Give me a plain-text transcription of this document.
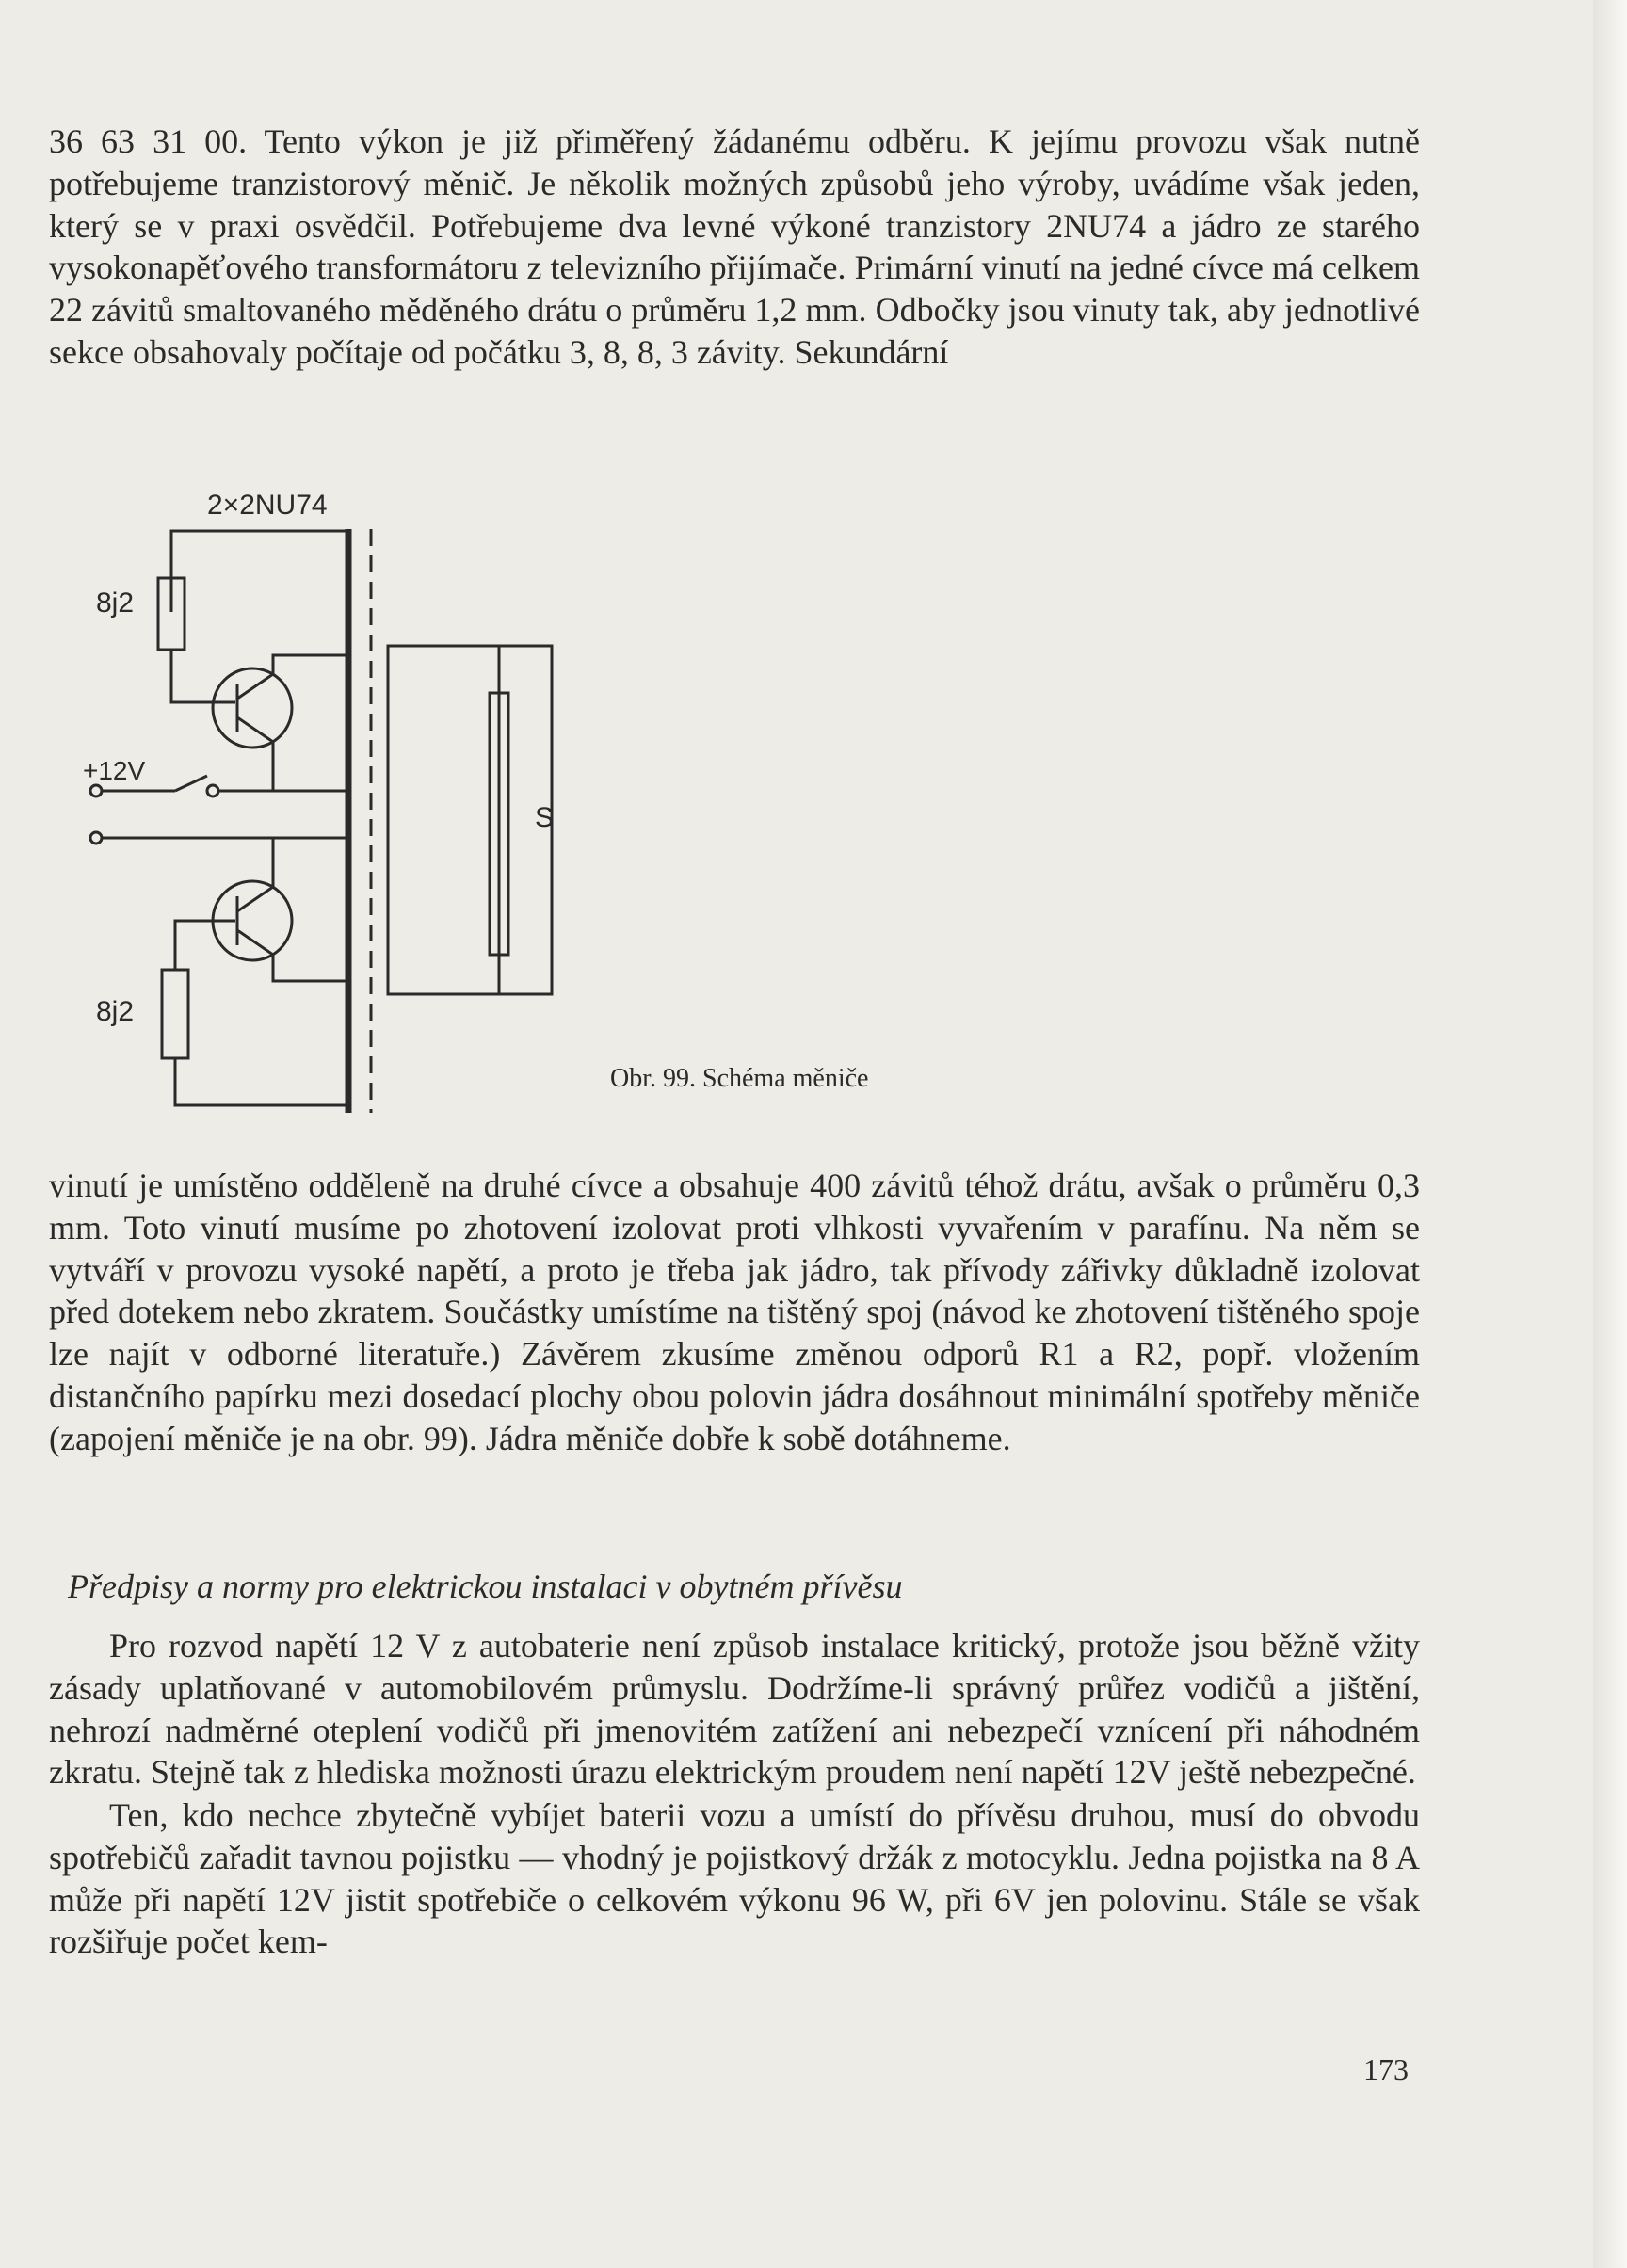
36 63 31 00. Tento výkon je již přiměřený žádanému odběru. K jejímu provozu však nutně potřebujeme tranzistorový měnič. Je několik možných způsobů jeho výroby, uvádíme však jeden, který se v praxi osvědčil. Potřebujeme dva levné výkoné tranzistory 2NU74 a jádro ze starého vysokonapěťového transformátoru z televizního přijímače. Primární vinutí na jedné cívce má celkem 22 závitů smaltovaného měděného drátu o průměru 1,2 mm. Odbočky jsou vinuty tak, aby jednotlivé sekce obsahovaly počítaje od počátku 3, 8, 8, 3 závity. Sekundární

2×2NU74
8j2
8j2
+12V
S

Obr. 99. Schéma měniče

vinutí je umístěno odděleně na druhé cívce a obsahuje 400 závitů téhož drátu, avšak o průměru 0,3 mm. Toto vinutí musíme po zhotovení izolovat proti vlhkosti vyvařením v parafínu. Na něm se vytváří v provozu vysoké napětí, a proto je třeba jak jádro, tak přívody zářivky důkladně izolovat před dotekem nebo zkratem. Součástky umístíme na tištěný spoj (návod ke zhotovení tištěného spoje lze najít v odborné literatuře.) Závěrem zkusíme změnou odporů R1 a R2, popř. vložením distančního papírku mezi dosedací plochy obou polovin jádra dosáhnout minimální spotřeby měniče (zapojení měniče je na obr. 99). Jádra měniče dobře k sobě dotáhneme.

Předpisy a normy pro elektrickou instalaci v obytném přívěsu

Pro rozvod napětí 12 V z autobaterie není způsob instalace kritický, protože jsou běžně vžity zásady uplatňované v automobilovém průmyslu. Dodržíme-li správný průřez vodičů a jištění, nehrozí nadměrné oteplení vodičů při jmenovitém zatížení ani nebezpečí vznícení při náhodném zkratu. Stejně tak z hlediska možnosti úrazu elektrickým proudem není napětí 12V ještě nebezpečné.

Ten, kdo nechce zbytečně vybíjet baterii vozu a umístí do přívěsu druhou, musí do obvodu spotřebičů zařadit tavnou pojistku — vhodný je pojistkový držák z motocyklu. Jedna pojistka na 8 A může při napětí 12V jistit spotřebiče o celkovém výkonu 96 W, při 6V jen polovinu. Stále se však rozšiřuje počet kem-

173
